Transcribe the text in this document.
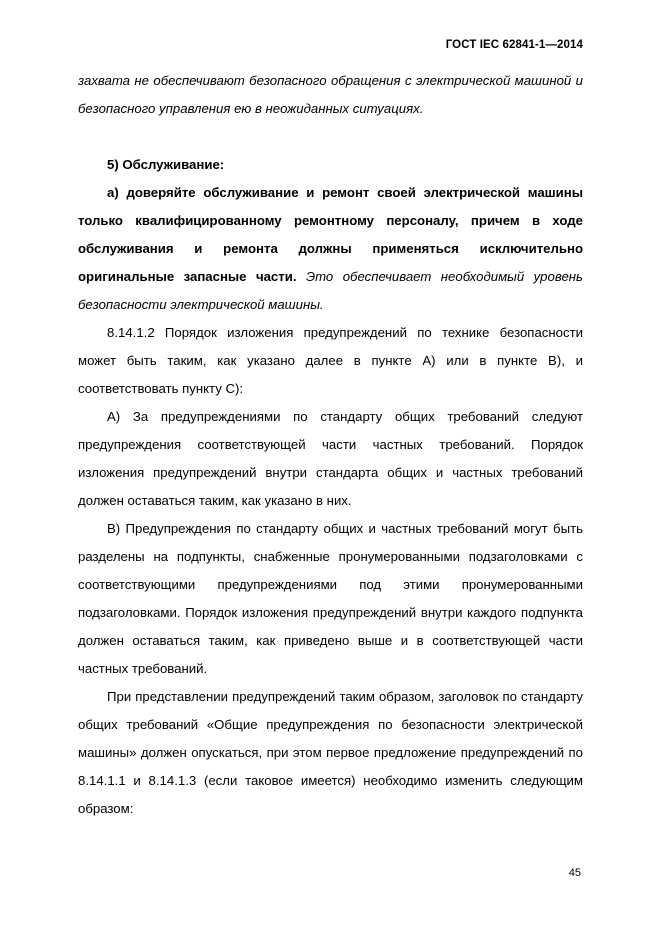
ГОСТ IEC 62841-1—2014

захвата не обеспечивают безопасного обращения с электрической машиной и безопасного управления ею в неожиданных ситуациях.

5) Обслуживание:

а) доверяйте обслуживание и ремонт своей электрической машины только квалифицированному ремонтному персоналу, причем в ходе обслуживания и ремонта должны применяться исключительно оригинальные запасные части. Это обеспечивает необходимый уровень безопасности электрической машины.

8.14.1.2 Порядок изложения предупреждений по технике безопасности может быть таким, как указано далее в пункте А) или в пункте В), и соответствовать пункту С):

А) За предупреждениями по стандарту общих требований следуют предупреждения соответствующей части частных требований. Порядок изложения предупреждений внутри стандарта общих и частных требований должен оставаться таким, как указано в них.

В) Предупреждения по стандарту общих и частных требований могут быть разделены на подпункты, снабженные пронумерованными подзаголовками с соответствующими предупреждениями под этими пронумерованными подзаголовками. Порядок изложения предупреждений внутри каждого подпункта должен оставаться таким, как приведено выше и в соответствующей части частных требований.

При представлении предупреждений таким образом, заголовок по стандарту общих требований «Общие предупреждения по безопасности электрической машины» должен опускаться, при этом первое предложение предупреждений по 8.14.1.1 и 8.14.1.3 (если таковое имеется) необходимо изменить следующим образом:

45
